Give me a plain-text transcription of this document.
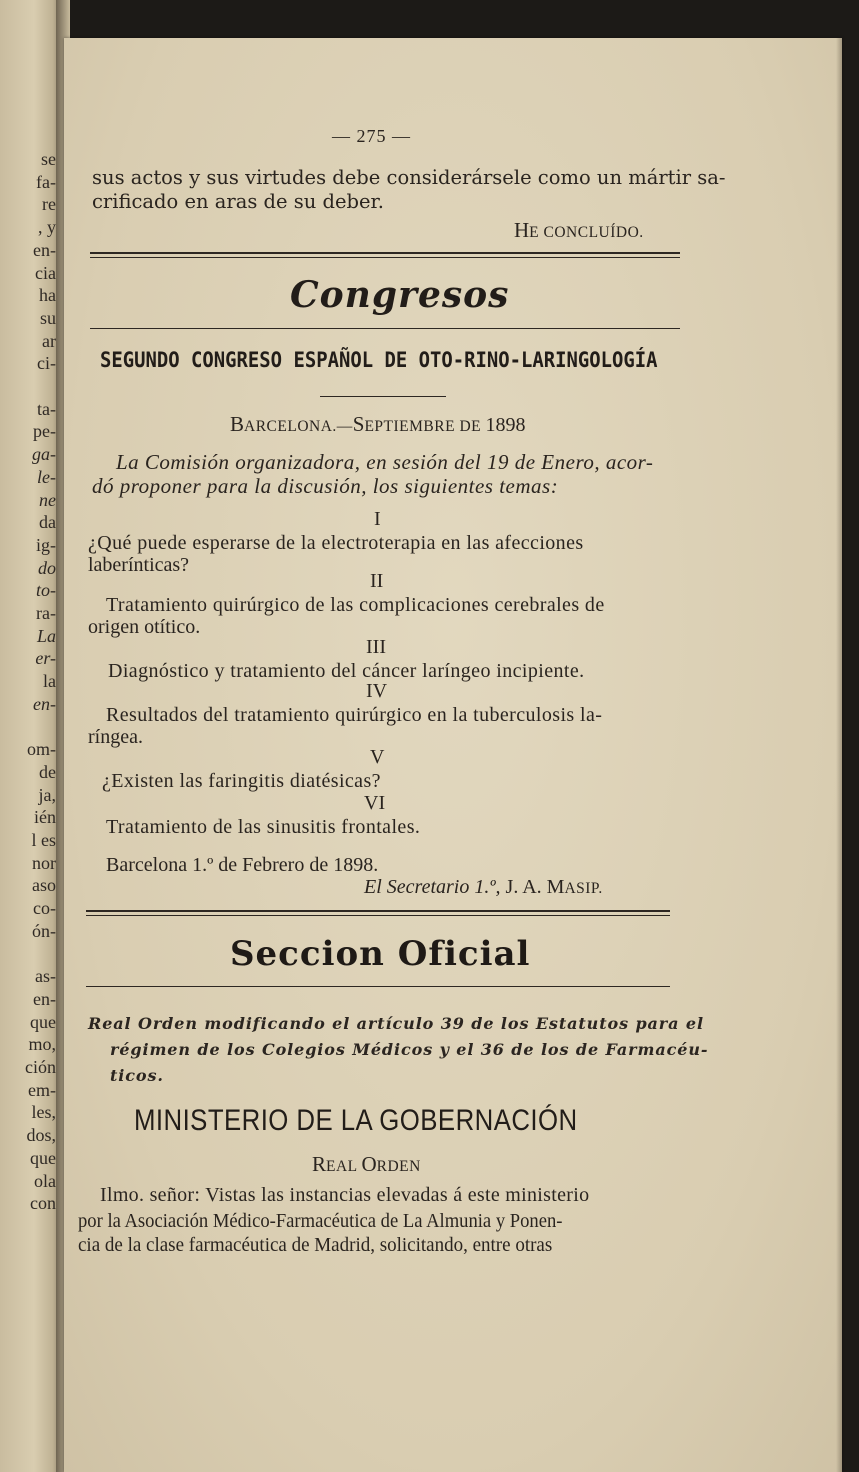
se
fa-
re
, y
en-
cia
ha
su
ar
ci-
ta-
pe-
ga-
le-
ne
da
ig-
do
to-
ra-
La
er-
la
en-
om-
de
ja,
ién
l es
nor
aso
co-
ón-
as-
en-
que
mo,
ción
em-
les,
dos,
que
ola
con
— 275 —
sus actos y sus virtudes debe considerársele como un mártir sa-
crificado en aras de su deber.
HE CONCLUÍDO.
Congresos
SEGUNDO CONGRESO ESPAÑOL DE OTO-RINO-LARINGOLOGÍA
BARCELONA.—SEPTIEMBRE DE 1898
La Comisión organizadora, en sesión del 19 de Enero, acor-
dó proponer para la discusión, los siguientes temas:
I
¿Qué puede esperarse de la electroterapia en las afecciones
laberínticas?
II
Tratamiento quirúrgico de las complicaciones cerebrales de
origen otítico.
III
Diagnóstico y tratamiento del cáncer laríngeo incipiente.
IV
Resultados del tratamiento quirúrgico en la tuberculosis la-
ríngea.
V
¿Existen las faringitis diatésicas?
VI
Tratamiento de las sinusitis frontales.
Barcelona 1.º de Febrero de 1898.
El Secretario 1.º, J. A. MASIP.
Seccion Oficial
Real Orden modificando el artículo 39 de los Estatutos para el
régimen de los Colegios Médicos y el 36 de los de Farmacéu-
ticos.
MINISTERIO DE LA GOBERNACIÓN
REAL ORDEN
Ilmo. señor: Vistas las instancias elevadas á este ministerio
por la Asociación Médico-Farmacéutica de La Almunia y Ponen-
cia de la clase farmacéutica de Madrid, solicitando, entre otras
